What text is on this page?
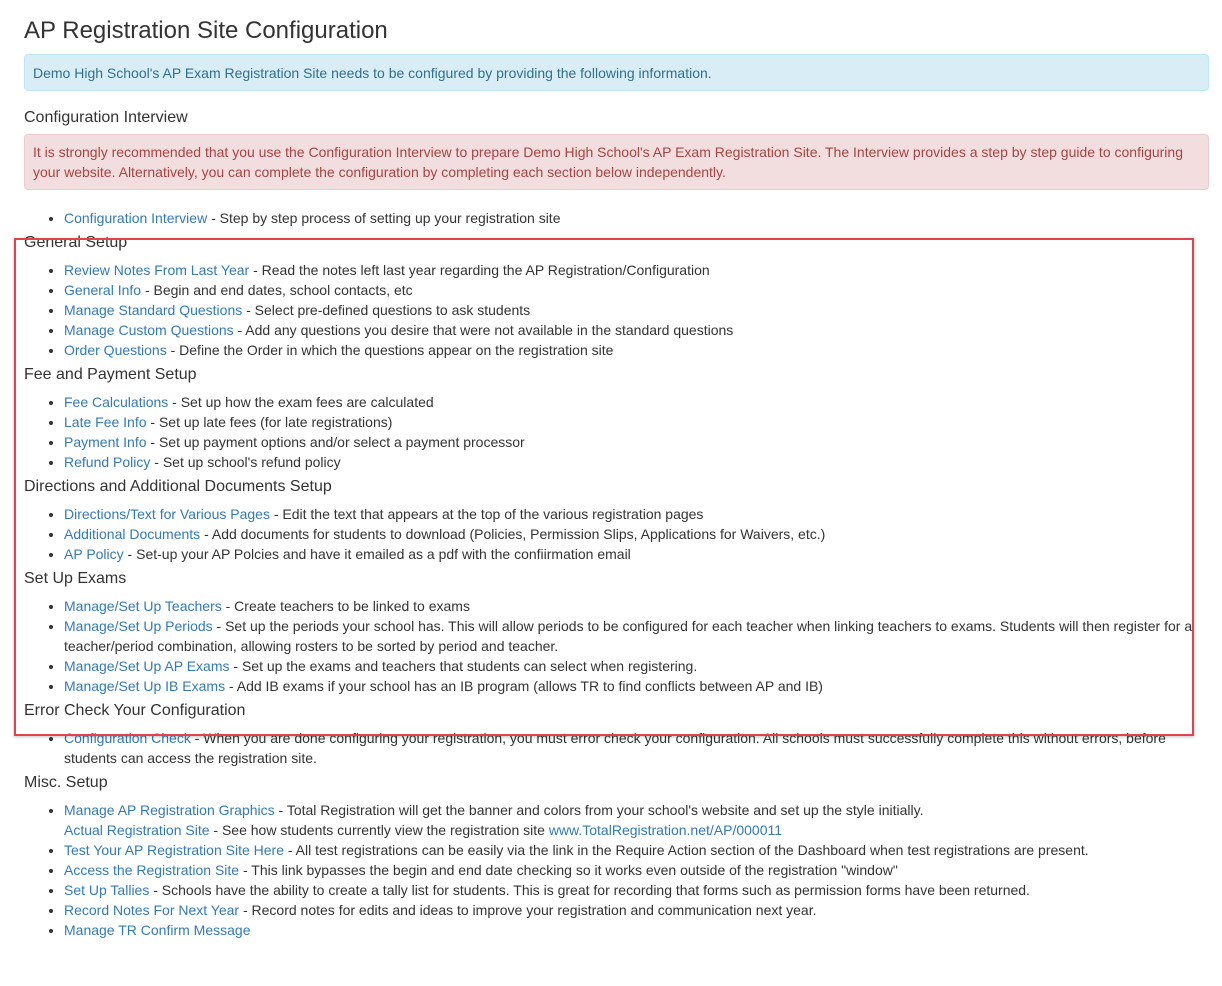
AP Registration Site Configuration
Demo High School's AP Exam Registration Site needs to be configured by providing the following information.
Configuration Interview
It is strongly recommended that you use the Configuration Interview to prepare Demo High School's AP Exam Registration Site. The Interview provides a step by step guide to configuring your website. Alternatively, you can complete the configuration by completing each section below independently.
• Configuration Interview - Step by step process of setting up your registration site
General Setup
• Review Notes From Last Year - Read the notes left last year regarding the AP Registration/Configuration
• General Info - Begin and end dates, school contacts, etc
• Manage Standard Questions - Select pre-defined questions to ask students
• Manage Custom Questions - Add any questions you desire that were not available in the standard questions
• Order Questions - Define the Order in which the questions appear on the registration site
Fee and Payment Setup
• Fee Calculations - Set up how the exam fees are calculated
• Late Fee Info - Set up late fees (for late registrations)
• Payment Info - Set up payment options and/or select a payment processor
• Refund Policy - Set up school's refund policy
Directions and Additional Documents Setup
• Directions/Text for Various Pages - Edit the text that appears at the top of the various registration pages
• Additional Documents - Add documents for students to download (Policies, Permission Slips, Applications for Waivers, etc.)
• AP Policy - Set-up your AP Polcies and have it emailed as a pdf with the confiirmation email
Set Up Exams
• Manage/Set Up Teachers - Create teachers to be linked to exams
• Manage/Set Up Periods - Set up the periods your school has. This will allow periods to be configured for each teacher when linking teachers to exams. Students will then register for a teacher/period combination, allowing rosters to be sorted by period and teacher.
• Manage/Set Up AP Exams - Set up the exams and teachers that students can select when registering.
• Manage/Set Up IB Exams - Add IB exams if your school has an IB program (allows TR to find conflicts between AP and IB)
Error Check Your Configuration
• Configuration Check - When you are done configuring your registration, you must error check your configuration. All schools must successfully complete this without errors, before students can access the registration site.
Misc. Setup
• Manage AP Registration Graphics - Total Registration will get the banner and colors from your school's website and set up the style initially.
Actual Registration Site - See how students currently view the registration site www.TotalRegistration.net/AP/000011
• Test Your AP Registration Site Here - All test registrations can be easily via the link in the Require Action section of the Dashboard when test registrations are present.
• Access the Registration Site - This link bypasses the begin and end date checking so it works even outside of the registration "window"
• Set Up Tallies - Schools have the ability to create a tally list for students. This is great for recording that forms such as permission forms have been returned.
• Record Notes For Next Year - Record notes for edits and ideas to improve your registration and communication next year.
• Manage TR Confirm Message
